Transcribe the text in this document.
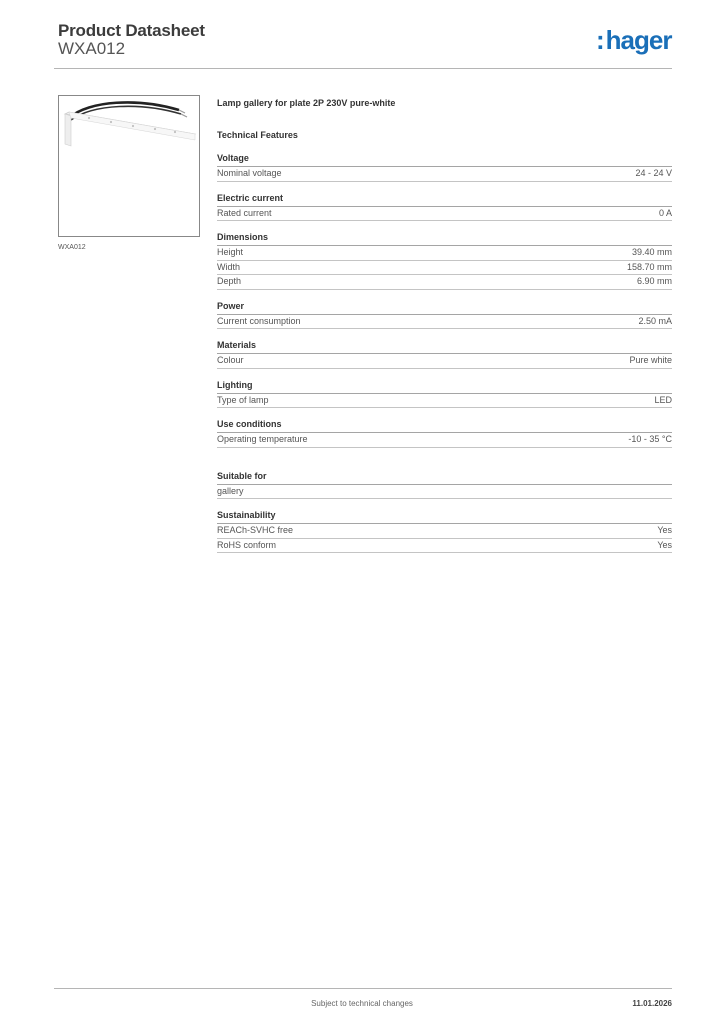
Product Datasheet
WXA012	:hager
WXA012
Lamp gallery for plate 2P 230V pure-white
Technical Features
Voltage
Nominal voltage	24 - 24 V
Electric current
Rated current	0 A
Dimensions
Height	39.40 mm
Width	158.70 mm
Depth	6.90 mm
Power
Current consumption	2.50 mA
Materials
Colour	Pure white
Lighting
Type of lamp	LED
Use conditions
Operating temperature	-10 - 35 °C
Suitable for
gallery
Sustainability
REACh-SVHC free	Yes
RoHS conform	Yes
Subject to technical changes	11.01.2026
